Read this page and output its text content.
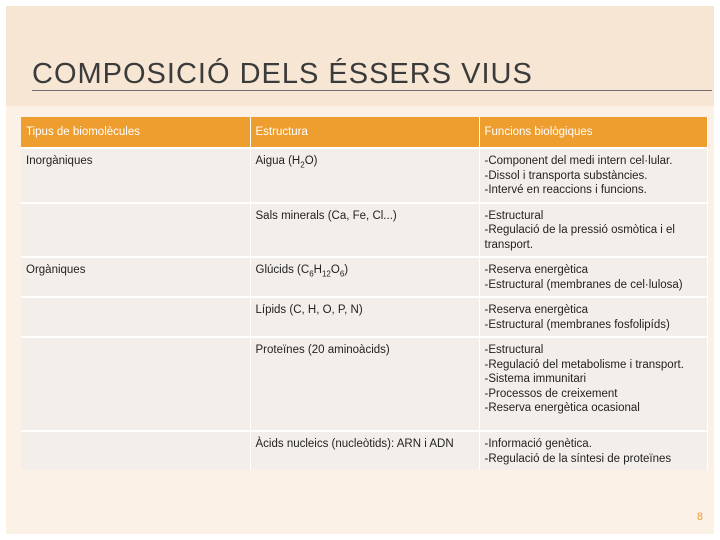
COMPOSICIÓ DELS ÉSSERS VIUS
Tipus de biomolècules	Estructura	Funcions biològiques
Inorgàniques	Aigua $(H_2O)$	-Component del medi intern cel·lular.
-Dissol i transporta substàncies.
-Intervé en reaccions i funcions.

	Sals minerals (Ca, Fe, Cl...)	-Estructural
-Regulació de la pressió osmòtica i el transport.

Orgàniques	Glúcids $(C_6H_{12}O_6)$	-Reserva energètica
-Estructural (membranes de cel·lulosa)

	Lípids (C, H, O, P, N)	-Reserva energètica
-Estructural (membranes fosfolipíds)

	Proteïnes (20 aminoàcids)	-Estructural
-Regulació del metabolisme i transport.
-Sistema immunitari
-Processos de creixement
-Reserva energètica ocasional

	Àcids nucleics (nucleòtids): ARN i ADN	-Informació genètica.
-Regulació de la síntesi de proteïnes
8
